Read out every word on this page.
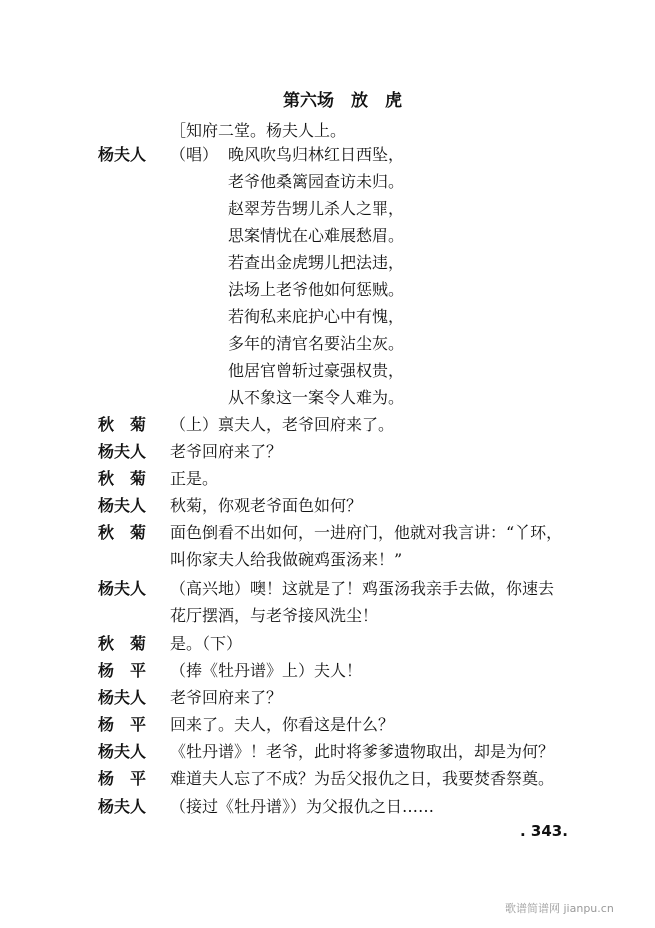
第六场　放　虎
［知府二堂。杨夫人上。
杨夫人	（唱） 晚风吹鸟归林红日西坠，
老爷他桑篱园查访未归。
赵翠芳告甥儿杀人之罪，
思案情忧在心难展愁眉。
若查出金虎甥儿把法违，
法场上老爷他如何惩贼。
若徇私来庇护心中有愧，
多年的清官名要沾尘灰。
他居官曾斩过豪强权贵，
从不象这一案令人难为。
秋　菊	（上）禀夫人，老爷回府来了。
杨夫人	老爷回府来了？
秋　菊	正是。
杨夫人	秋菊，你观老爷面色如何？
秋　菊	面色倒看不出如何，一进府门，他就对我言讲：“丫环，
叫你家夫人给我做碗鸡蛋汤来！”
杨夫人	（高兴地）噢！这就是了！鸡蛋汤我亲手去做，你速去
花厅摆酒，与老爷接风洗尘！
秋　菊	是。（下）
杨　平	（捧《牡丹谱》上）夫人！
杨夫人	老爷回府来了？
杨　平	回来了。夫人，你看这是什么？
杨夫人	《牡丹谱》！老爷，此时将爹爹遗物取出，却是为何？
杨　平	难道夫人忘了不成？为岳父报仇之日，我要焚香祭奠。
杨夫人	（接过《牡丹谱》）为父报仇之日……
. 343.
歌谱简谱网 jianpu.cn
